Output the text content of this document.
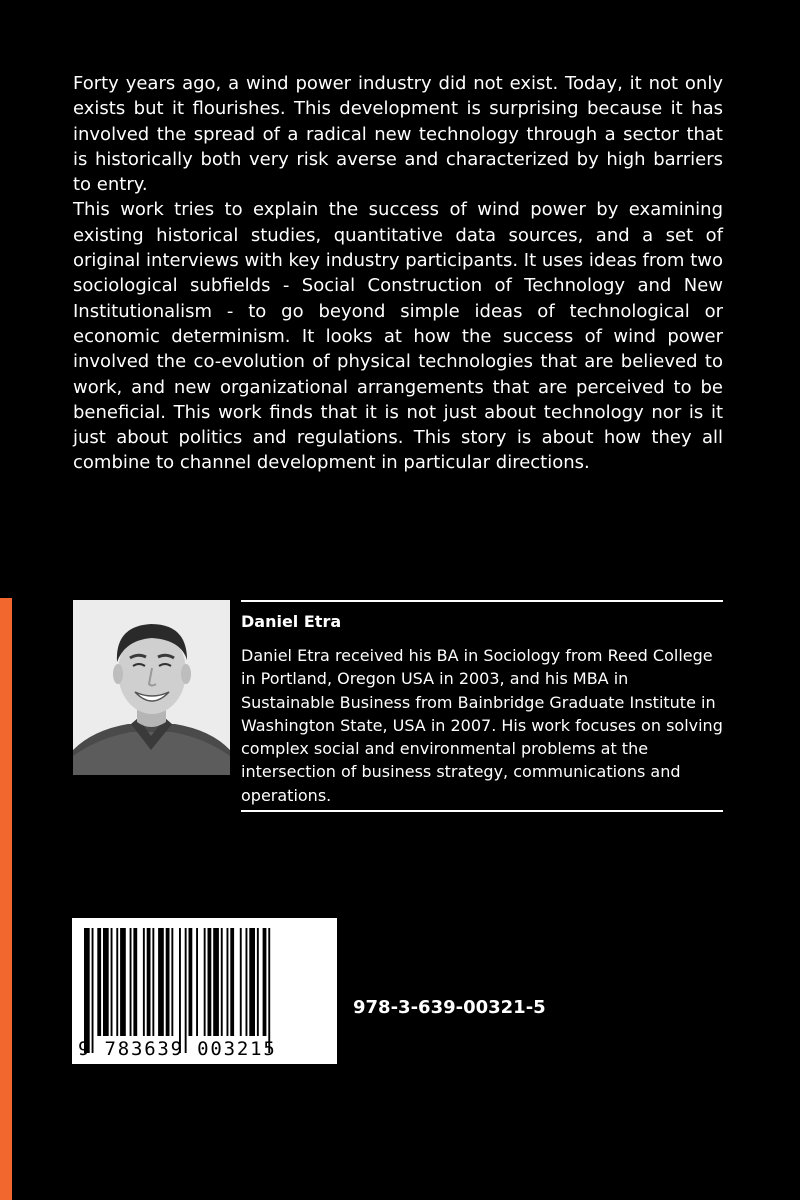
Forty years ago, a wind power industry did not exist. Today, it not only exists but it flourishes. This development is surprising because it has involved the spread of a radical new technology through a sector that is historically both very risk averse and characterized by high barriers to entry.

This work tries to explain the success of wind power by examining existing historical studies, quantitative data sources, and a set of original interviews with key industry participants. It uses ideas from two sociological subfields - Social Construction of Technology and New Institutionalism - to go beyond simple ideas of technological or economic determinism. It looks at how the success of wind power involved the co-evolution of physical technologies that are believed to work, and new organizational arrangements that are perceived to be beneficial. This work finds that it is not just about technology nor is it just about politics and regulations. This story is about how they all combine to channel development in particular directions.

Daniel Etra

Daniel Etra received his BA in Sociology from Reed College in Portland, Oregon USA in 2003, and his MBA in Sustainable Business from Bainbridge Graduate Institute in Washington State, USA in 2007. His work focuses on solving complex social and environmental problems at the intersection of business strategy, communications and operations.

9 783639 003215
978-3-639-00321-5
